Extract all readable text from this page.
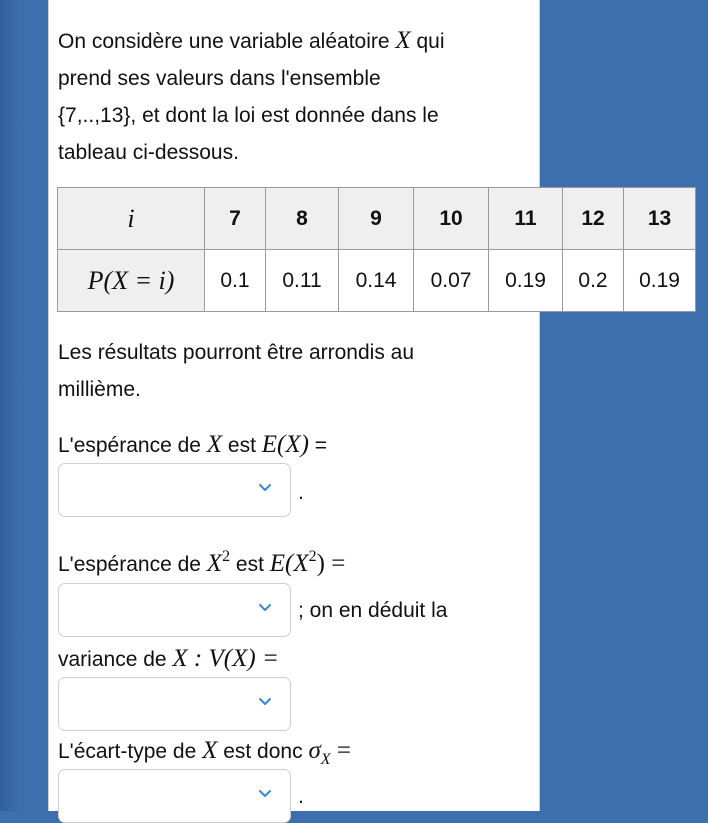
On considère une variable aléatoire X qui
prend ses valeurs dans l'ensemble
{7,..,13}, et dont la loi est donnée dans le
tableau ci-dessous.

i	7	8	9	10	11	12	13
P(X = i)	0.1	0.11	0.14	0.07	0.19	0.2	0.19

Les résultats pourront être arrondis au
millième.

L'espérance de X est E(X) =

.

L'espérance de $X^2$ est $E(X^2)$ =

; on en déduit la

variance de X : V(X) =

L'écart-type de X est donc $\sigma_X$ =

.
